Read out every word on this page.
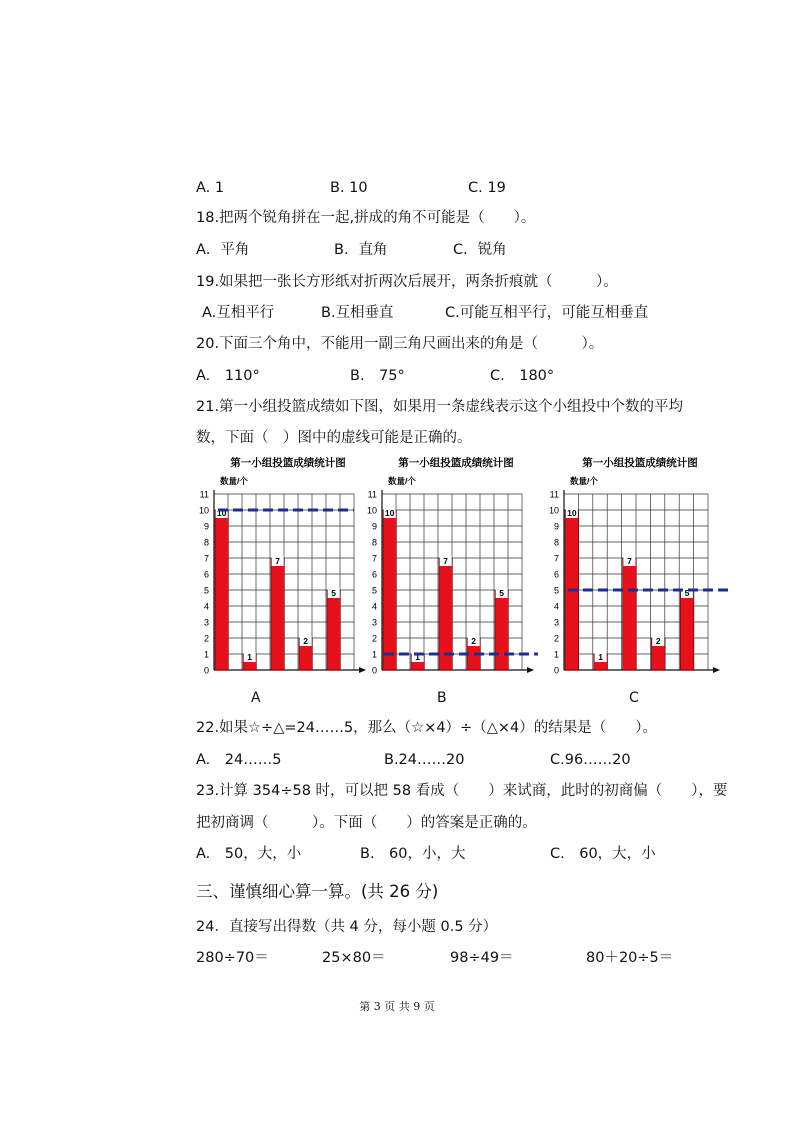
A. 1	B. 10	C. 19
18.把两个锐角拼在一起,拼成的角不可能是（　　）。
A．平角	B．直角	C．锐角
19.如果把一张长方形纸对折两次后展开，两条折痕就（　　　）。
A.互相平行	B.互相垂直	C.可能互相平行，可能互相垂直
20.下面三个角中，不能用一副三角尺画出来的角是（　　　）。
A.　110°	B.　75°	C.　180°
21.第一小组投篮成绩如下图，如果用一条虚线表示这个小组投中个数的平均
数，下面（　）图中的虚线可能是正确的。
第一小组投篮成绩统计图
数量/个
0
1
2
3
4
5
6
7
8
9
10
11
10
1
7
2
5
第一小组投篮成绩统计图
数量/个
0
1
2
3
4
5
6
7
8
9
10
11
10
1
7
2
5
第一小组投篮成绩统计图
数量/个
0
1
2
3
4
5
6
7
8
9
10
11
10
1
7
2
5
A	B	C
22.如果☆÷△=24……5，那么（☆×4）÷（△×4）的结果是（　　）。
A.　24……5	B.24……20	C.96……20
23.计算 354÷58 时，可以把 58 看成（　　）来试商，此时的初商偏（　　），要
把初商调（　　　）。下面（　　）的答案是正确的。
A.　50，大，小	B.　60，小，大	C.　60，大，小
三、谨慎细心算一算。(共 26 分)
24．直接写出得数（共 4 分，每小题 0.5 分）
280÷70＝	25×80＝	98÷49＝	80＋20÷5＝
第 3 页 共 9 页
